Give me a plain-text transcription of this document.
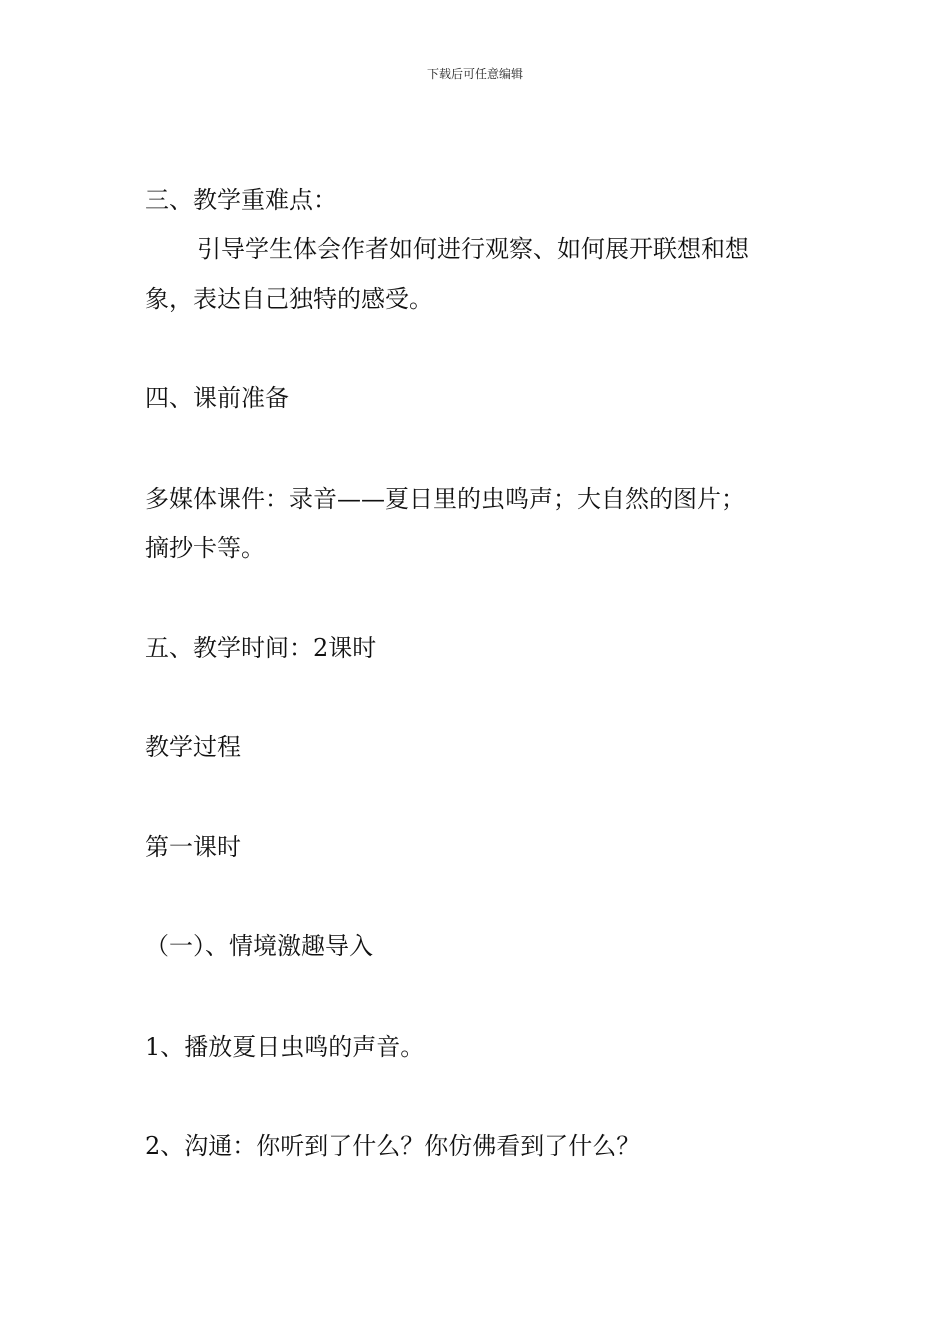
下载后可任意编辑
三、教学重难点：
引导学生体会作者如何进行观察、如何展开联想和想
象，表达自己独特的感受。
四、课前准备
多媒体课件：录音——夏日里的虫鸣声；大自然的图片；
摘抄卡等。
五、教学时间：2课时
教学过程
第一课时
（一）、情境激趣导入
1、播放夏日虫鸣的声音。
2、沟通：你听到了什么？你仿佛看到了什么？
